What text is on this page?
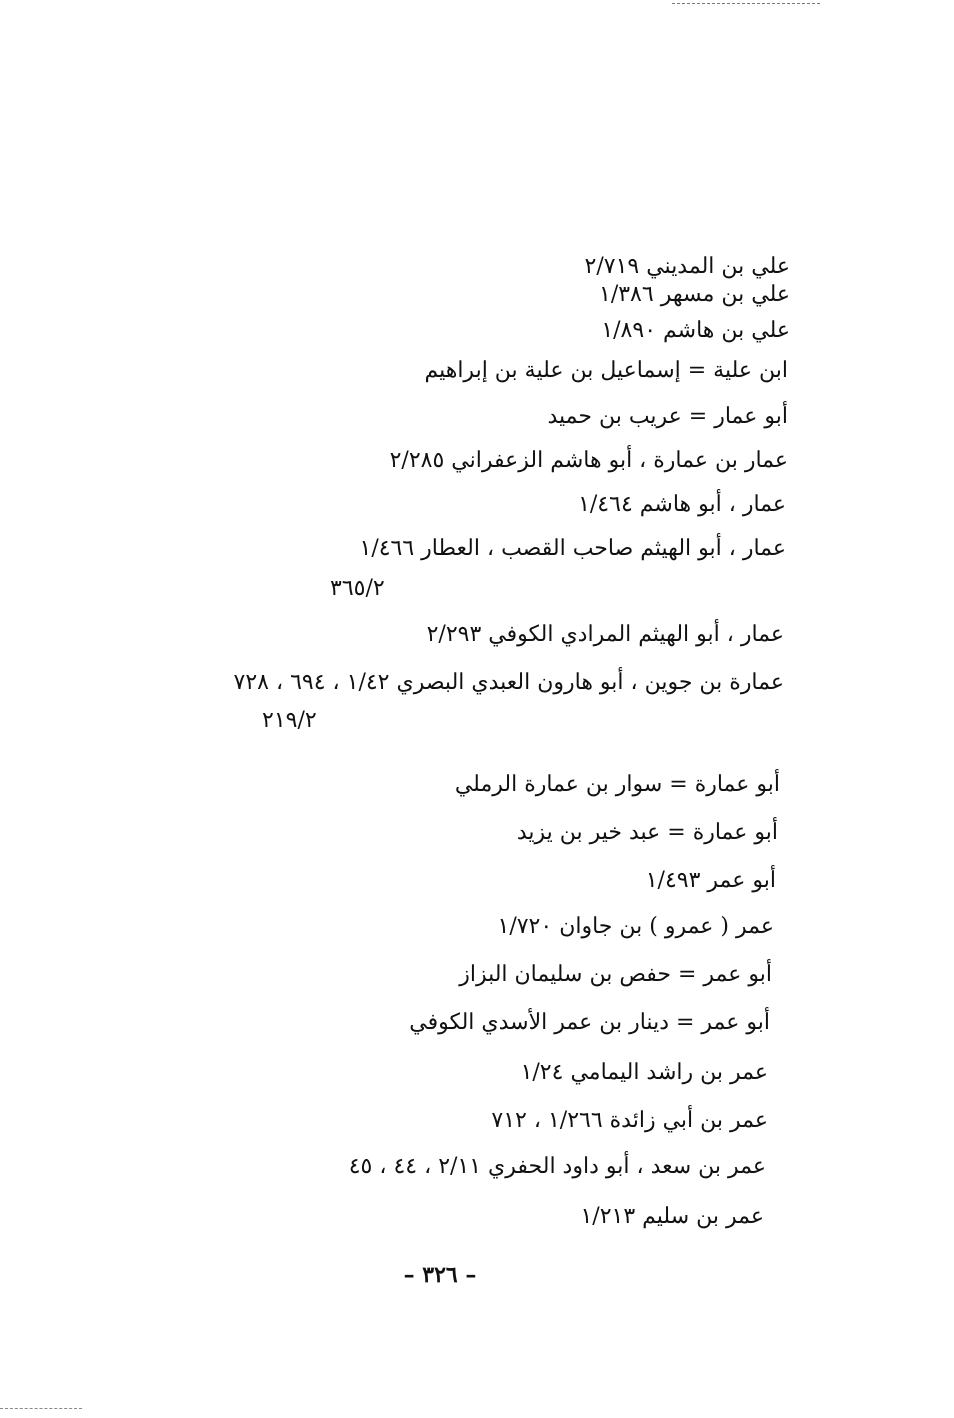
علي بن المديني ٢/٧١٩
علي بن مسهر ١/٣٨٦
علي بن هاشم ١/٨٩٠
ابن علية = إسماعيل بن علية بن إبراهيم
أبو عمار = عريب بن حميد
عمار بن عمارة ، أبو هاشم الزعفراني ٢/٢٨٥
عمار ، أبو هاشم ١/٤٦٤
عمار ، أبو الهيثم صاحب القصب ، العطار ١/٤٦٦
٣٦٥/٢
عمار ، أبو الهيثم المرادي الكوفي ٢/٢٩٣
عمارة بن جوين ، أبو هارون العبدي البصري ١/٤٢ ، ٦٩٤ ، ٧٢٨
٢١٩/٢
أبو عمارة = سوار بن عمارة الرملي
أبو عمارة = عبد خير بن يزيد
أبو عمر ١/٤٩٣
عمر ( عمرو ) بن جاوان ١/٧٢٠
أبو عمر = حفص بن سليمان البزاز
أبو عمر = دينار بن عمر الأسدي الكوفي
عمر بن راشد اليمامي ١/٢٤
عمر بن أبي زائدة ١/٢٦٦ ، ٧١٢
عمر بن سعد ، أبو داود الحفري ٢/١١ ، ٤٤ ، ٤٥
عمر بن سليم ١/٢١٣
– ٣٢٦ –
